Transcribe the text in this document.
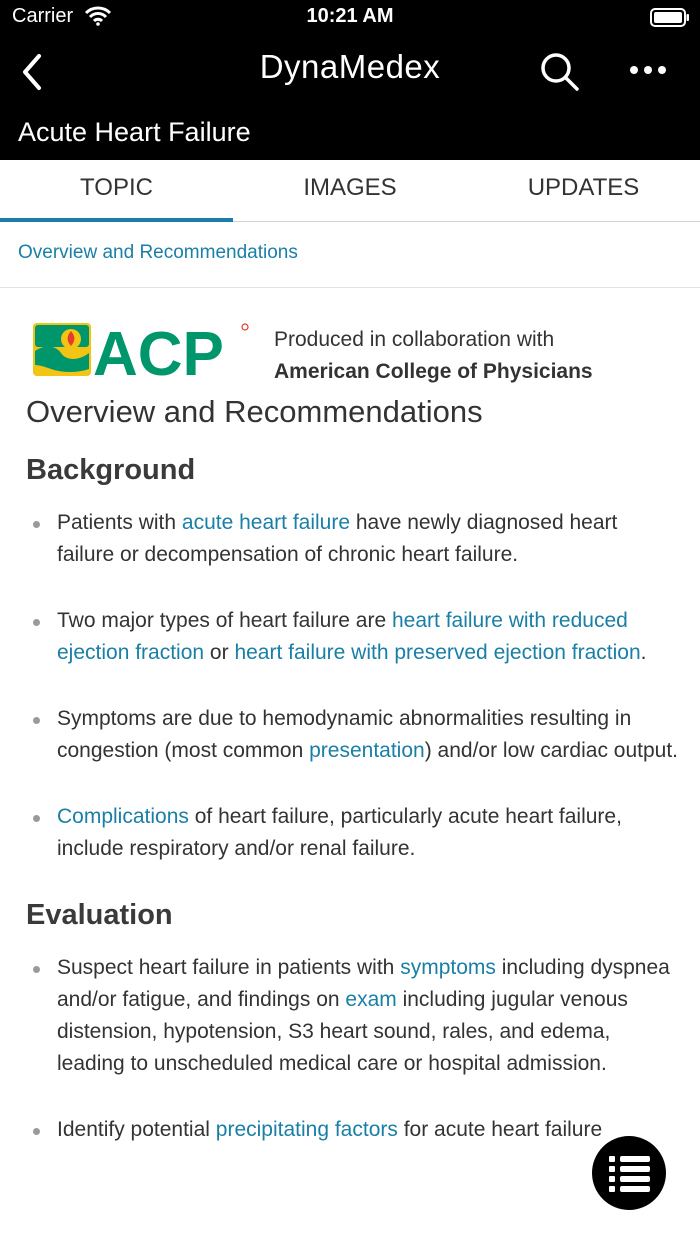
Carrier	10:21 AM
DynaMedex
Acute Heart Failure
TOPIC	IMAGES	UPDATES
Overview and Recommendations
ACP Produced in collaboration with
American College of Physicians
Overview and Recommendations
Background
Patients with acute heart failure have newly diagnosed heart failure or decompensation of chronic heart failure.
Two major types of heart failure are heart failure with reduced ejection fraction or heart failure with preserved ejection fraction.
Symptoms are due to hemodynamic abnormalities resulting in congestion (most common presentation) and/or low cardiac output.
Complications of heart failure, particularly acute heart failure, include respiratory and/or renal failure.
Evaluation
Suspect heart failure in patients with symptoms including dyspnea and/or fatigue, and findings on exam including jugular venous distension, hypotension, S3 heart sound, rales, and edema, leading to unscheduled medical care or hospital admission.
Identify potential precipitating factors for acute heart failure
